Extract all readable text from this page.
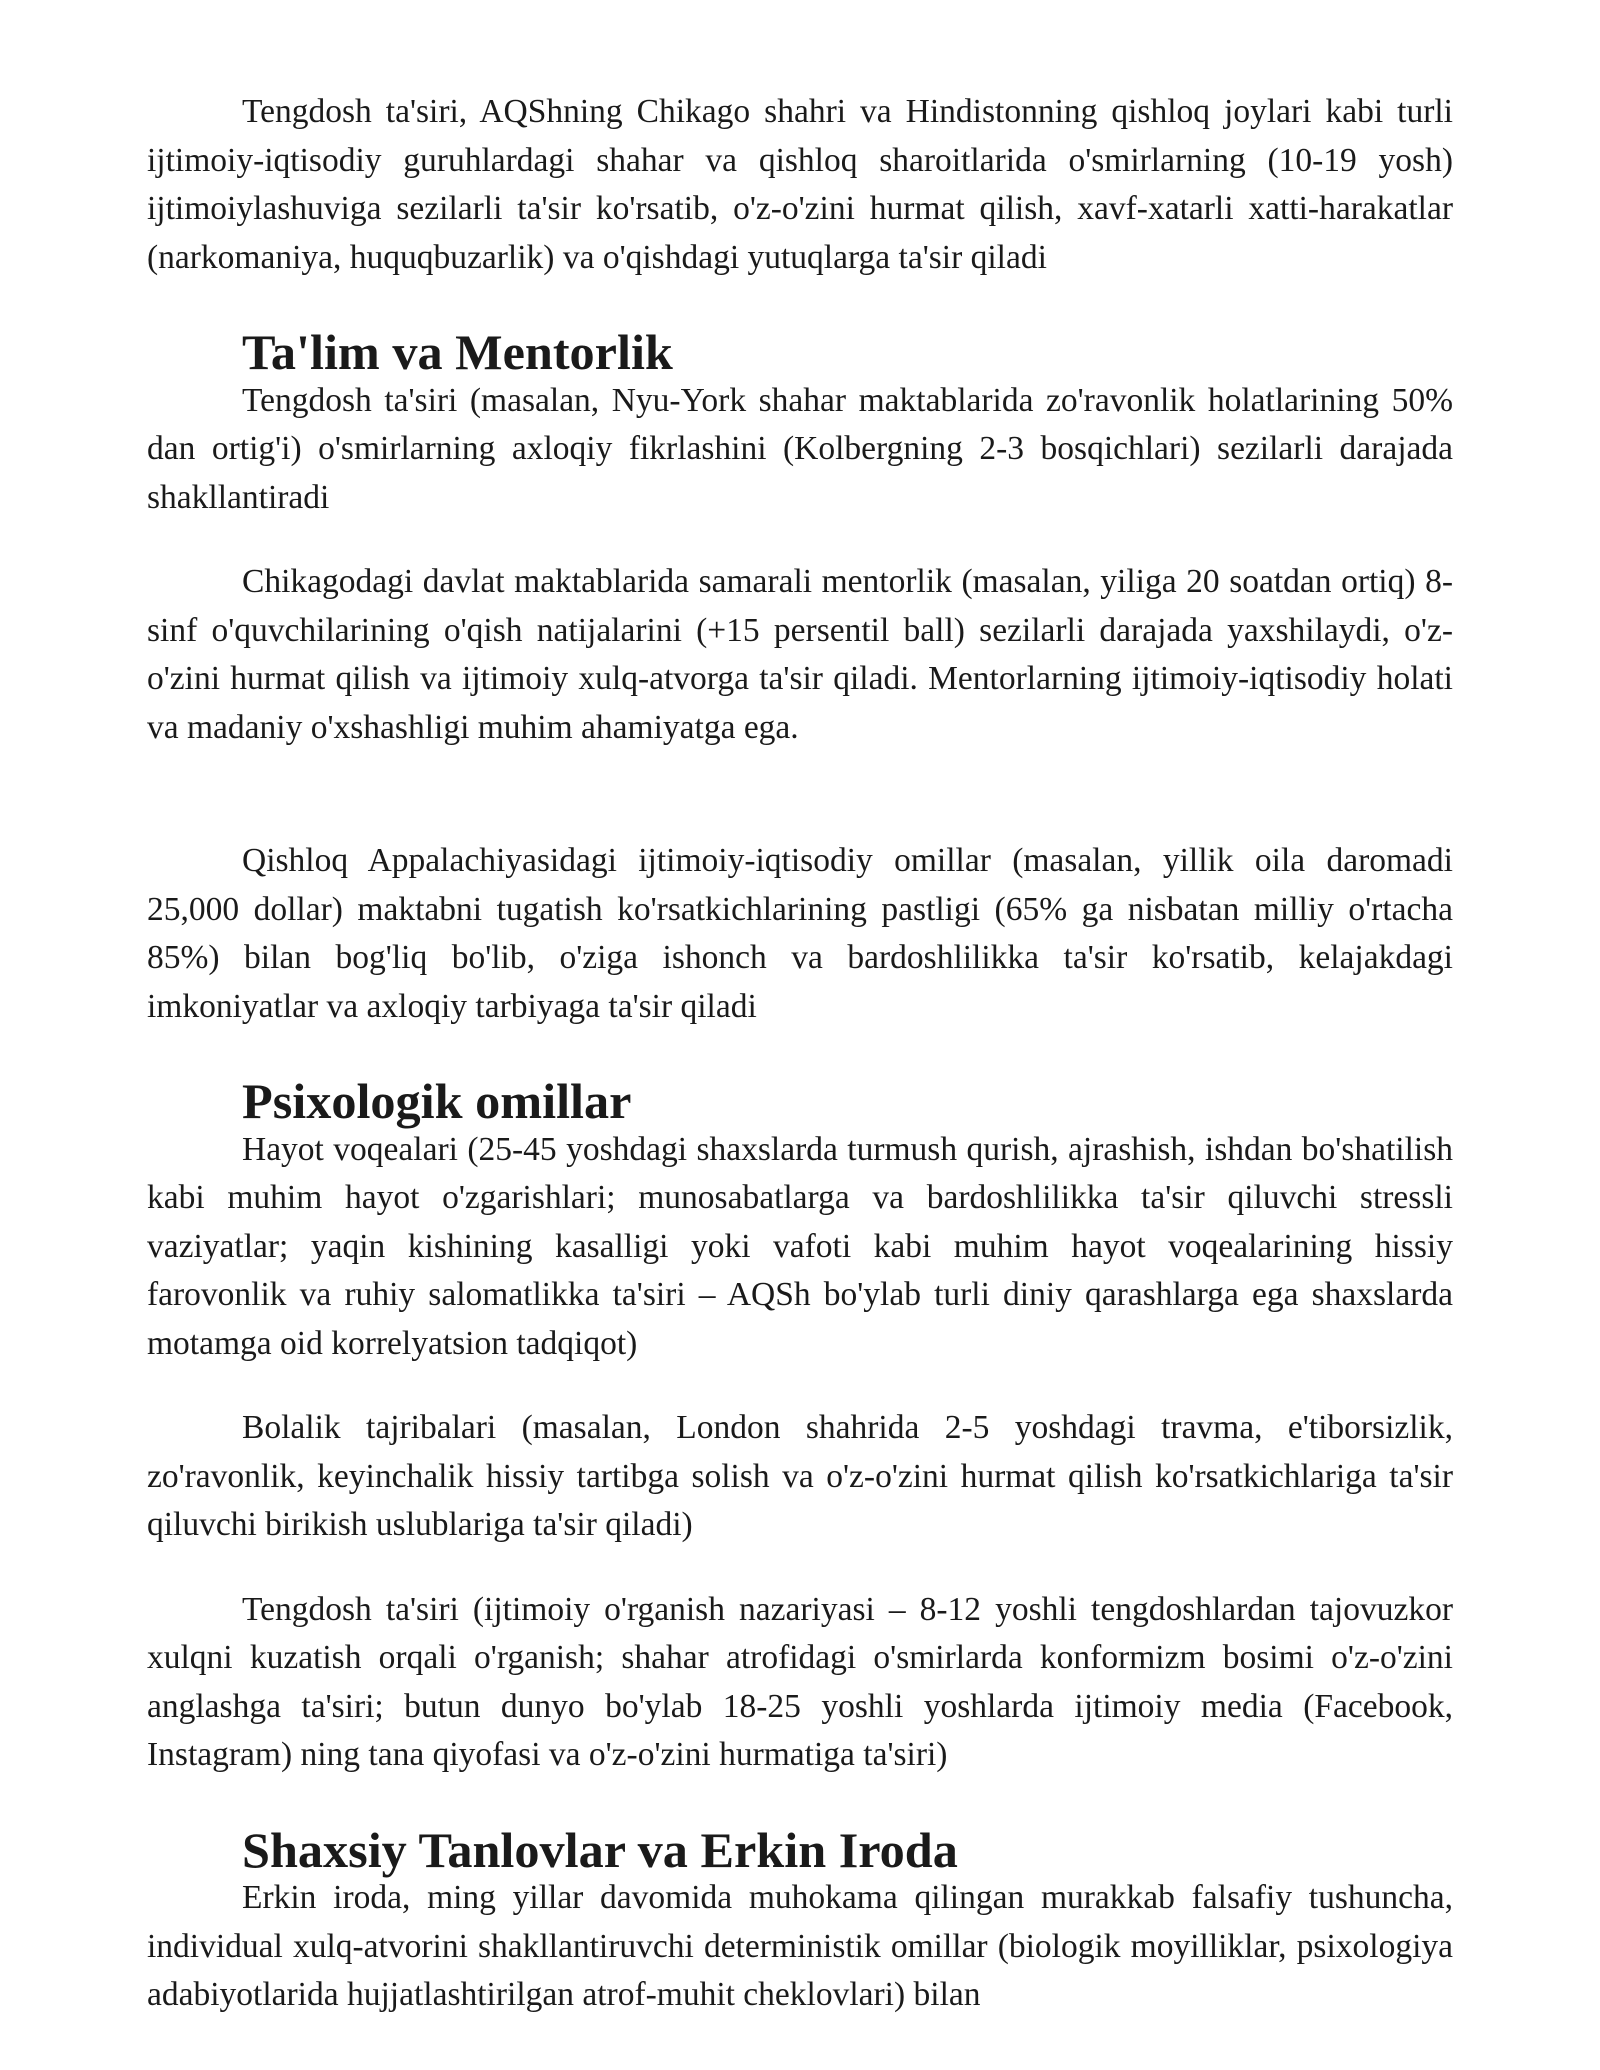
Tengdosh ta'siri, AQShning Chikago shahri va Hindistonning qishloq joylari kabi turli ijtimoiy-iqtisodiy guruhlardagi shahar va qishloq sharoitlarida o'smirlarning (10-19 yosh) ijtimoiylashuviga sezilarli ta'sir ko'rsatib, o'z-o'zini hurmat qilish, xavf-xatarli xatti-harakatlar (narkomaniya, huquqbuzarlik) va o'qishdagi yutuqlarga ta'sir qiladi

Ta'lim va Mentorlik

Tengdosh ta'siri (masalan, Nyu-York shahar maktablarida zo'ravonlik holatlarining 50% dan ortig'i) o'smirlarning axloqiy fikrlashini (Kolbergning 2-3 bosqichlari) sezilarli darajada shakllantiradi

Chikagodagi davlat maktablarida samarali mentorlik (masalan, yiliga 20 soatdan ortiq) 8-sinf o'quvchilarining o'qish natijalarini (+15 persentil ball) sezilarli darajada yaxshilaydi, o'z-o'zini hurmat qilish va ijtimoiy xulq-atvorga ta'sir qiladi. Mentorlarning ijtimoiy-iqtisodiy holati va madaniy o'xshashligi muhim ahamiyatga ega.

Qishloq Appalachiyasidagi ijtimoiy-iqtisodiy omillar (masalan, yillik oila daromadi 25,000 dollar) maktabni tugatish ko'rsatkichlarining pastligi (65% ga nisbatan milliy o'rtacha 85%) bilan bog'liq bo'lib, o'ziga ishonch va bardoshlilikka ta'sir ko'rsatib, kelajakdagi imkoniyatlar va axloqiy tarbiyaga ta'sir qiladi

Psixologik omillar

Hayot voqealari (25-45 yoshdagi shaxslarda turmush qurish, ajrashish, ishdan bo'shatilish kabi muhim hayot o'zgarishlari; munosabatlarga va bardoshlilikka ta'sir qiluvchi stressli vaziyatlar; yaqin kishining kasalligi yoki vafoti kabi muhim hayot voqealarining hissiy farovonlik va ruhiy salomatlikka ta'siri – AQSh bo'ylab turli diniy qarashlarga ega shaxslarda motamga oid korrelyatsion tadqiqot)

Bolalik tajribalari (masalan, London shahrida 2-5 yoshdagi travma, e'tiborsizlik, zo'ravonlik, keyinchalik hissiy tartibga solish va o'z-o'zini hurmat qilish ko'rsatkichlariga ta'sir qiluvchi birikish uslublariga ta'sir qiladi)

Tengdosh ta'siri (ijtimoiy o'rganish nazariyasi – 8-12 yoshli tengdoshlardan tajovuzkor xulqni kuzatish orqali o'rganish; shahar atrofidagi o'smirlarda konformizm bosimi o'z-o'zini anglashga ta'siri; butun dunyo bo'ylab 18-25 yoshli yoshlarda ijtimoiy media (Facebook, Instagram) ning tana qiyofasi va o'z-o'zini hurmatiga ta'siri)

Shaxsiy Tanlovlar va Erkin Iroda

Erkin iroda, ming yillar davomida muhokama qilingan murakkab falsafiy tushuncha, individual xulq-atvorini shakllantiruvchi deterministik omillar (biologik moyilliklar, psixologiya adabiyotlarida hujjatlashtirilgan atrof-muhit cheklovlari) bilan
